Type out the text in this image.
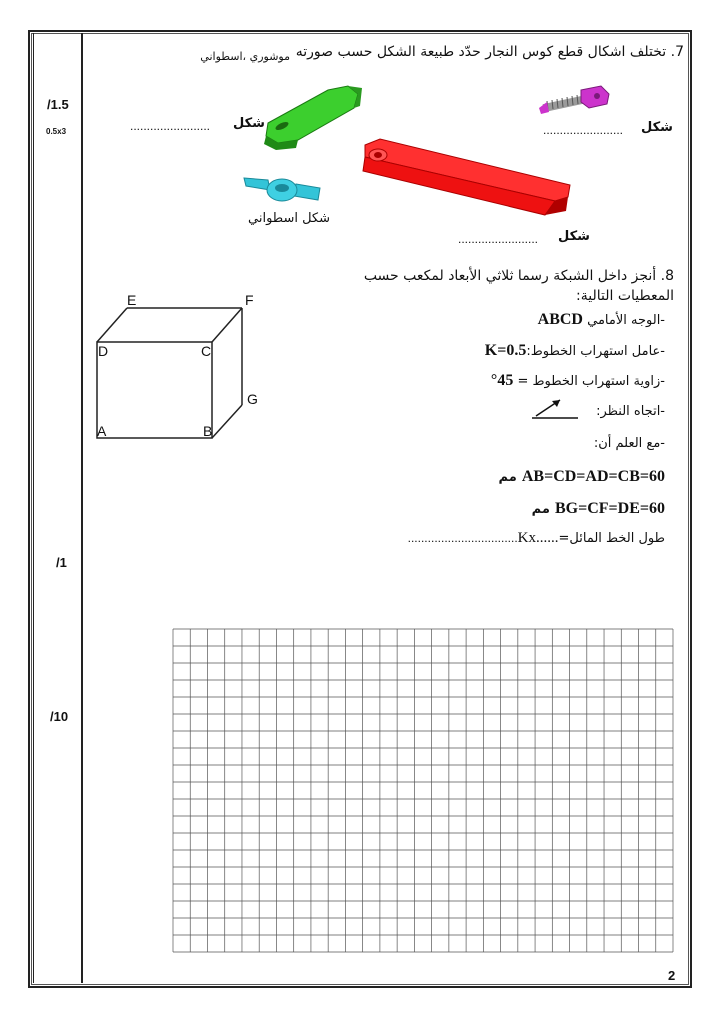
/1.5
0.5x3
/1
/10
7. تختلف اشكال قطع كوس النجار حدّد طبيعة الشكل حسب صورته
موشوري ،اسطواني
شكل
........................	شكل
........................
شكل
........................
شكل اسطواني
8. أنجز داخل الشبكة رسما ثلاثي الأبعاد لمكعب حسب
المعطيات التالية:
E	F
G
D	C
A	B
-الوجه الأمامي ABCD
-عامل استهراب الخطوط:K=0.5
-زاوية استهراب الخطوط = 45°
-اتجاه النظر:
-مع العلم أن:
60=AB=CD=AD=CB مم
60=BG=CF=DE مم
طول الخط المائل=......Kx.................................
2
